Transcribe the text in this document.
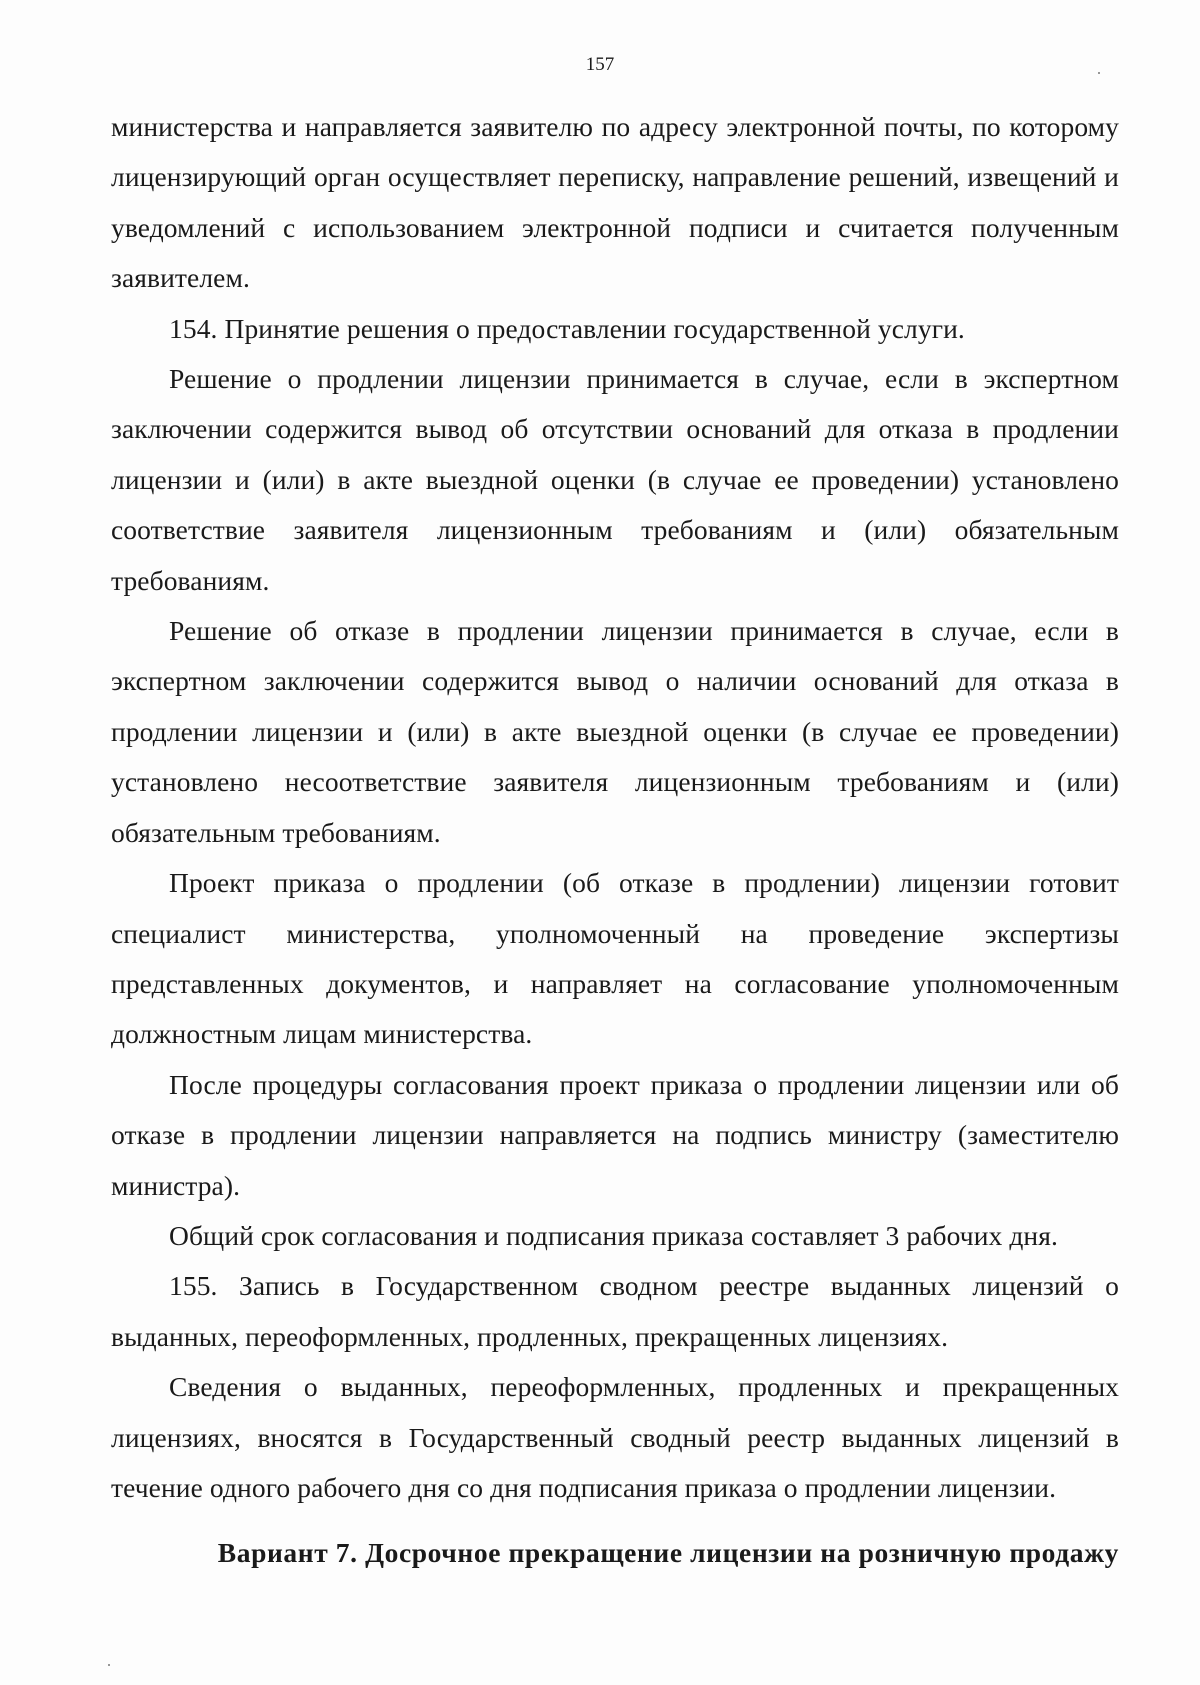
157

министерства и направляется заявителю по адресу электронной почты, по которому лицензирующий орган осуществляет переписку, направление решений, извещений и уведомлений с использованием электронной подписи и считается полученным заявителем.

154. Принятие решения о предоставлении государственной услуги.

Решение о продлении лицензии принимается в случае, если в экспертном заключении содержится вывод об отсутствии оснований для отказа в продлении лицензии и (или) в акте выездной оценки (в случае ее проведении) установлено соответствие заявителя лицензионным требованиям и (или) обязательным требованиям.

Решение об отказе в продлении лицензии принимается в случае, если в экспертном заключении содержится вывод о наличии оснований для отказа в продлении лицензии и (или) в акте выездной оценки (в случае ее проведении) установлено несоответствие заявителя лицензионным требованиям и (или) обязательным требованиям.

Проект приказа о продлении (об отказе в продлении) лицензии готовит специалист министерства, уполномоченный на проведение экспертизы представленных документов, и направляет на согласование уполномоченным должностным лицам министерства.

После процедуры согласования проект приказа о продлении лицензии или об отказе в продлении лицензии направляется на подпись министру (заместителю министра).

Общий срок согласования и подписания приказа составляет 3 рабочих дня.

155. Запись в Государственном сводном реестре выданных лицензий о выданных, переоформленных, продленных, прекращенных лицензиях.

Сведения о выданных, переоформленных, продленных и прекращенных лицензиях, вносятся в Государственный сводный реестр выданных лицензий в течение одного рабочего дня со дня подписания приказа о продлении лицензии.

Вариант 7. Досрочное прекращение лицензии на розничную продажу
